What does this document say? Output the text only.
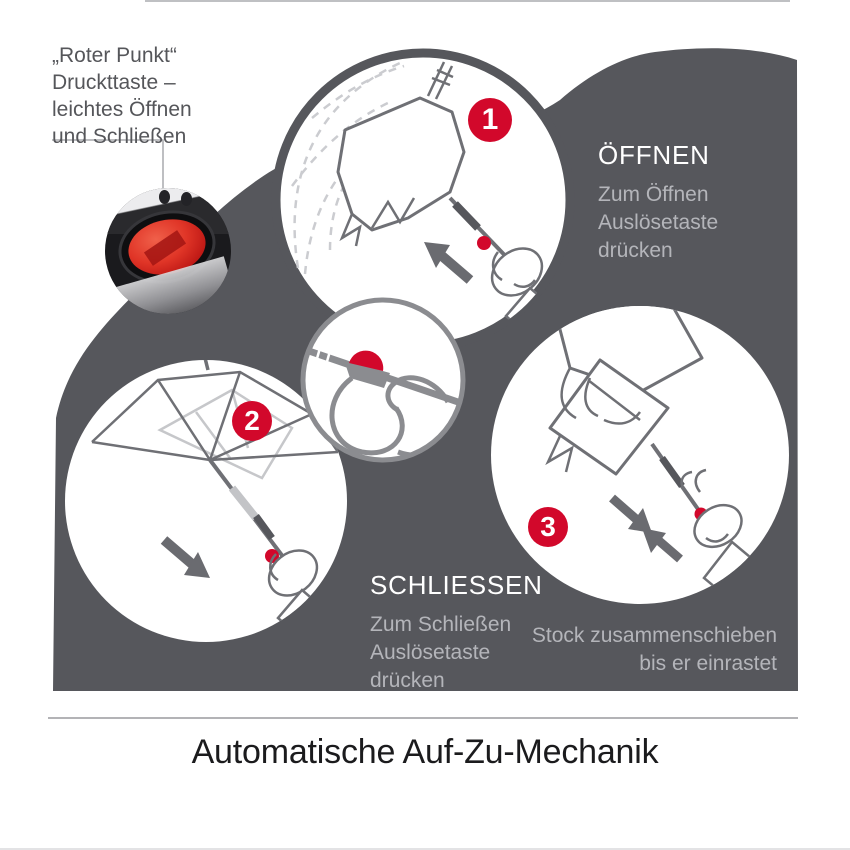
„Roter Punkt“
Druckttaste –
leichtes Öffnen
und Schließen
1
2
3
ÖFFNEN
Zum Öffnen
Auslösetaste
drücken
SCHLIESSEN
Zum Schließen
Auslösetaste
drücken
Stock zusammenschieben
bis er einrastet
Automatische Auf-Zu-Mechanik
